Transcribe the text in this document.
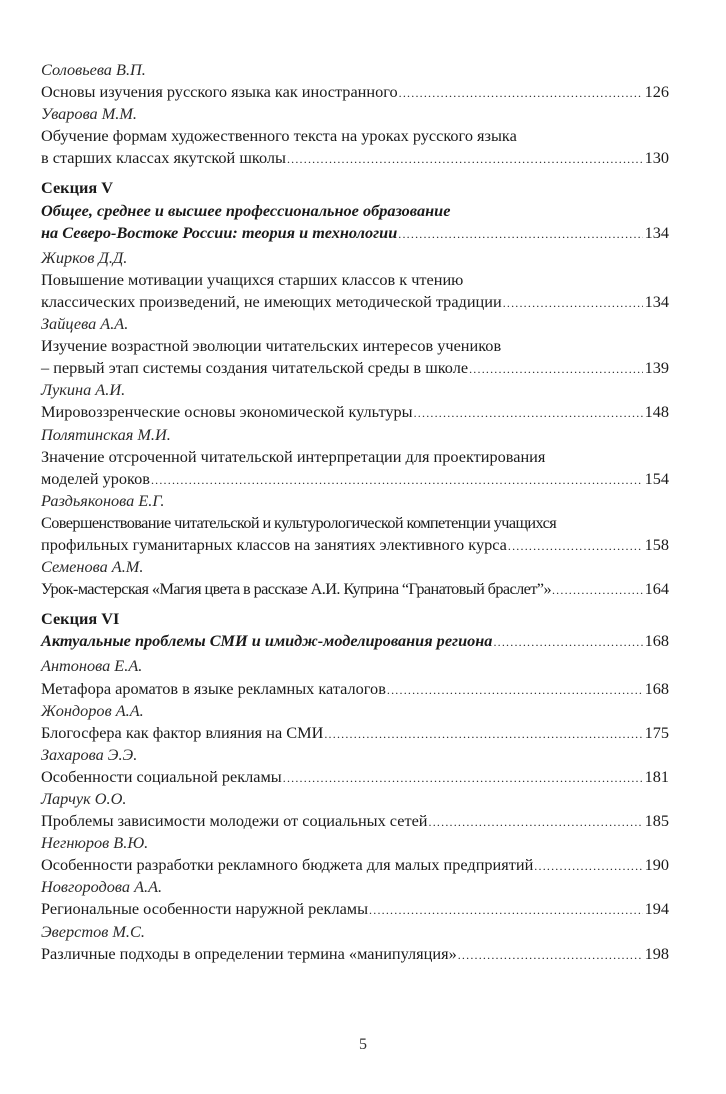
Соловьева В.П.
Основы изучения русского языка как иностранного .....	126
Уварова М.М.
Обучение формам художественного текста на уроках русского языка
в старших классах якутской школы .....	130
Секция V
Общее, среднее и высшее профессиональное образование
на Северо-Востоке России: теория и технологии .....	134
Жирков Д.Д.
Повышение мотивации учащихся старших классов к чтению
классических произведений, не имеющих методической традиции .....	134
Зайцева А.А.
Изучение возрастной эволюции читательских интересов учеников
– первый этап системы создания читательской среды в школе .....	139
Лукина А.И.
Мировоззренческие основы экономической культуры .....	148
Полятинская М.И.
Значение отсроченной читательской интерпретации для проектирования
моделей уроков .....	154
Раздьяконова Е.Г.
Совершенствование читательской и культурологической компетенции учащихся
профильных гуманитарных классов на занятиях элективного курса .....	158
Семенова А.М.
Урок-мастерская «Магия цвета в рассказе А.И. Куприна “Гранатовый браслет”» .....	164
Секция VI
Актуальные проблемы СМИ и имидж-моделирования региона .....	168
Антонова Е.А.
Метафора ароматов в языке рекламных каталогов .....	168
Жондоров А.А.
Блогосфера как фактор влияния на СМИ .....	175
Захарова Э.Э.
Особенности социальной рекламы .....	181
Ларчук О.О.
Проблемы зависимости молодежи от социальных сетей .....	185
Негнюров В.Ю.
Особенности разработки рекламного бюджета для малых предприятий .....	190
Новгородова А.А.
Региональные особенности наружной рекламы .....	194
Эверстов М.С.
Различные подходы в определении термина «манипуляция» .....	198
5
